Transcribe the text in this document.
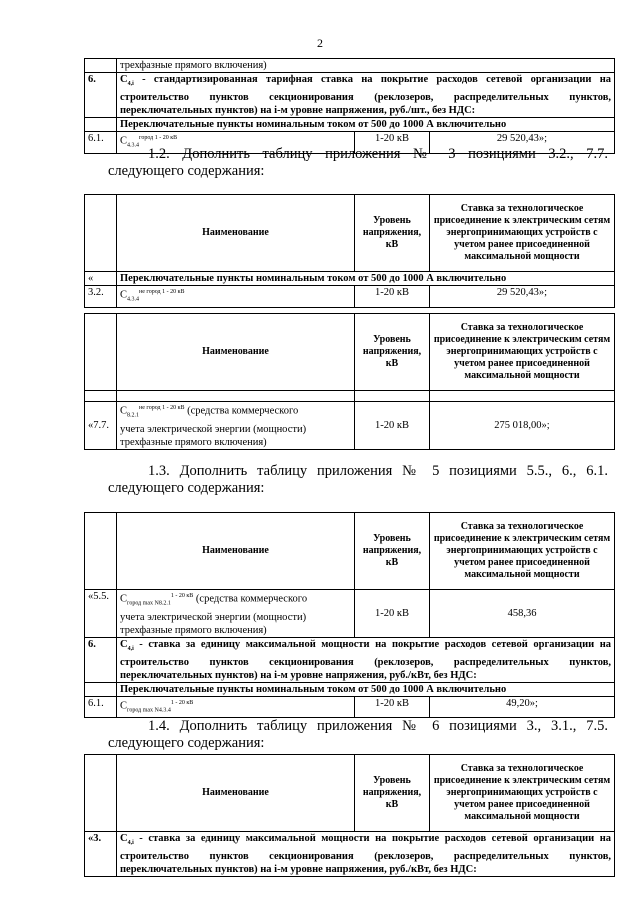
2
	трехфазные прямого включения)		
6.	$C_{4,i}$ - стандартизированная тарифная ставка на покрытие расходов сетевой организации на строительство пунктов секционирования (реклозеров, распределительных пунктов, переключательных пунктов) на i-м уровне напряжения, руб./шт., без НДС:		
	Переключательные пункты номинальным током от 500 до 1000 А включительно		
6.1.	$C_{4.3.4}^{город 1 - 20 кВ}$	1-20 кВ	29 520,43»;
1.2. Дополнить таблицу приложения № 3 позициями 3.2., 7.7.
следующего содержания:
	Наименование	Уровень напряжения, кВ	Ставка за технологическое присоединение к электрическим сетям энергопринимающих устройств с учетом ранее присоединенной максимальной мощности
«	Переключательные пункты номинальным током от 500 до 1000 А включительно		
3.2.	$C_{4.3.4}^{не город 1 - 20 кВ}$	1-20 кВ	29 520,43»;
	Наименование	Уровень напряжения, кВ	Ставка за технологическое присоединение к электрическим сетям энергопринимающих устройств с учетом ранее присоединенной максимальной мощности

«7.7.	$C_{8.2.1}^{не город 1 - 20 кВ}$ (средства коммерческого
учета электрической энергии (мощности) трехфазные прямого включения)	1-20 кВ	275 018,00»;
1.3. Дополнить таблицу приложения № 5 позициями 5.5., 6., 6.1.
следующего содержания:
	Наименование	Уровень напряжения, кВ	Ставка за технологическое присоединение к электрическим сетям энергопринимающих устройств с учетом ранее присоединенной максимальной мощности
«5.5.	$C_{город max N8.2.1}^{1 - 20 кВ}$ (средства коммерческого
учета электрической энергии (мощности) трехфазные прямого включения)	1-20 кВ	458,36
6.	$C_{4,i}$ - ставка за единицу максимальной мощности на покрытие расходов сетевой организации на строительство пунктов секционирования (реклозеров, распределительных пунктов, переключательных пунктов) на i-м уровне напряжения, руб./кВт, без НДС:		
	Переключательные пункты номинальным током от 500 до 1000 А включительно		
6.1.	$C_{город max N4.3.4}^{1 - 20 кВ}$	1-20 кВ	49,20»;
1.4. Дополнить таблицу приложения № 6 позициями 3., 3.1., 7.5.
следующего содержания:
	Наименование	Уровень напряжения, кВ	Ставка за технологическое присоединение к электрическим сетям энергопринимающих устройств с учетом ранее присоединенной максимальной мощности
«3.	$C_{4,i}$ - ставка за единицу максимальной мощности на покрытие расходов сетевой организации на строительство пунктов секционирования (реклозеров, распределительных пунктов, переключательных пунктов) на i-м уровне напряжения, руб./кВт, без НДС:		
